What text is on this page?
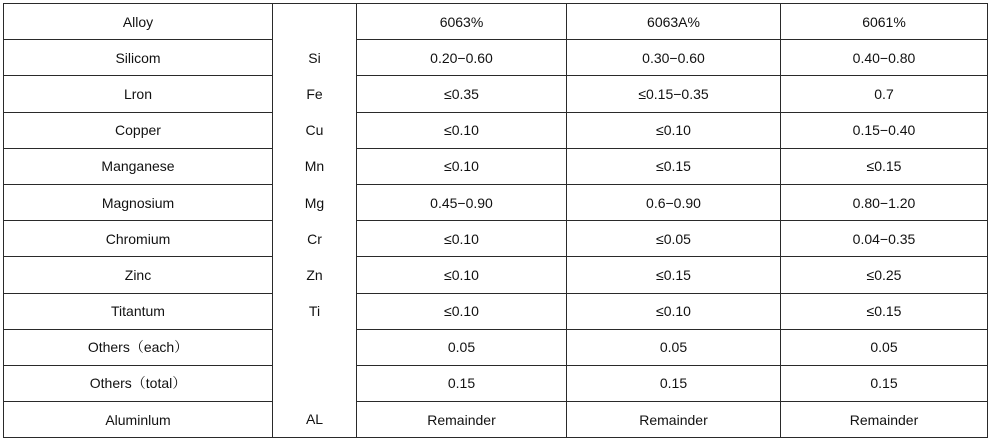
Alloy		6063%	6063A%	6061%
Silicom	Si	0.20−0.60	0.30−0.60	0.40−0.80
Lron	Fe	≤0.35	≤0.15−0.35	0.7
Copper	Cu	≤0.10	≤0.10	0.15−0.40
Manganese	Mn	≤0.10	≤0.15	≤0.15
Magnosium	Mg	0.45−0.90	0.6−0.90	0.80−1.20
Chromium	Cr	≤0.10	≤0.05	0.04−0.35
Zinc	Zn	≤0.10	≤0.15	≤0.25
Titantum	Ti	≤0.10	≤0.10	≤0.15
Others（each）		0.05	0.05	0.05
Others（total）		0.15	0.15	0.15
Aluminlum	AL	Remainder	Remainder	Remainder
